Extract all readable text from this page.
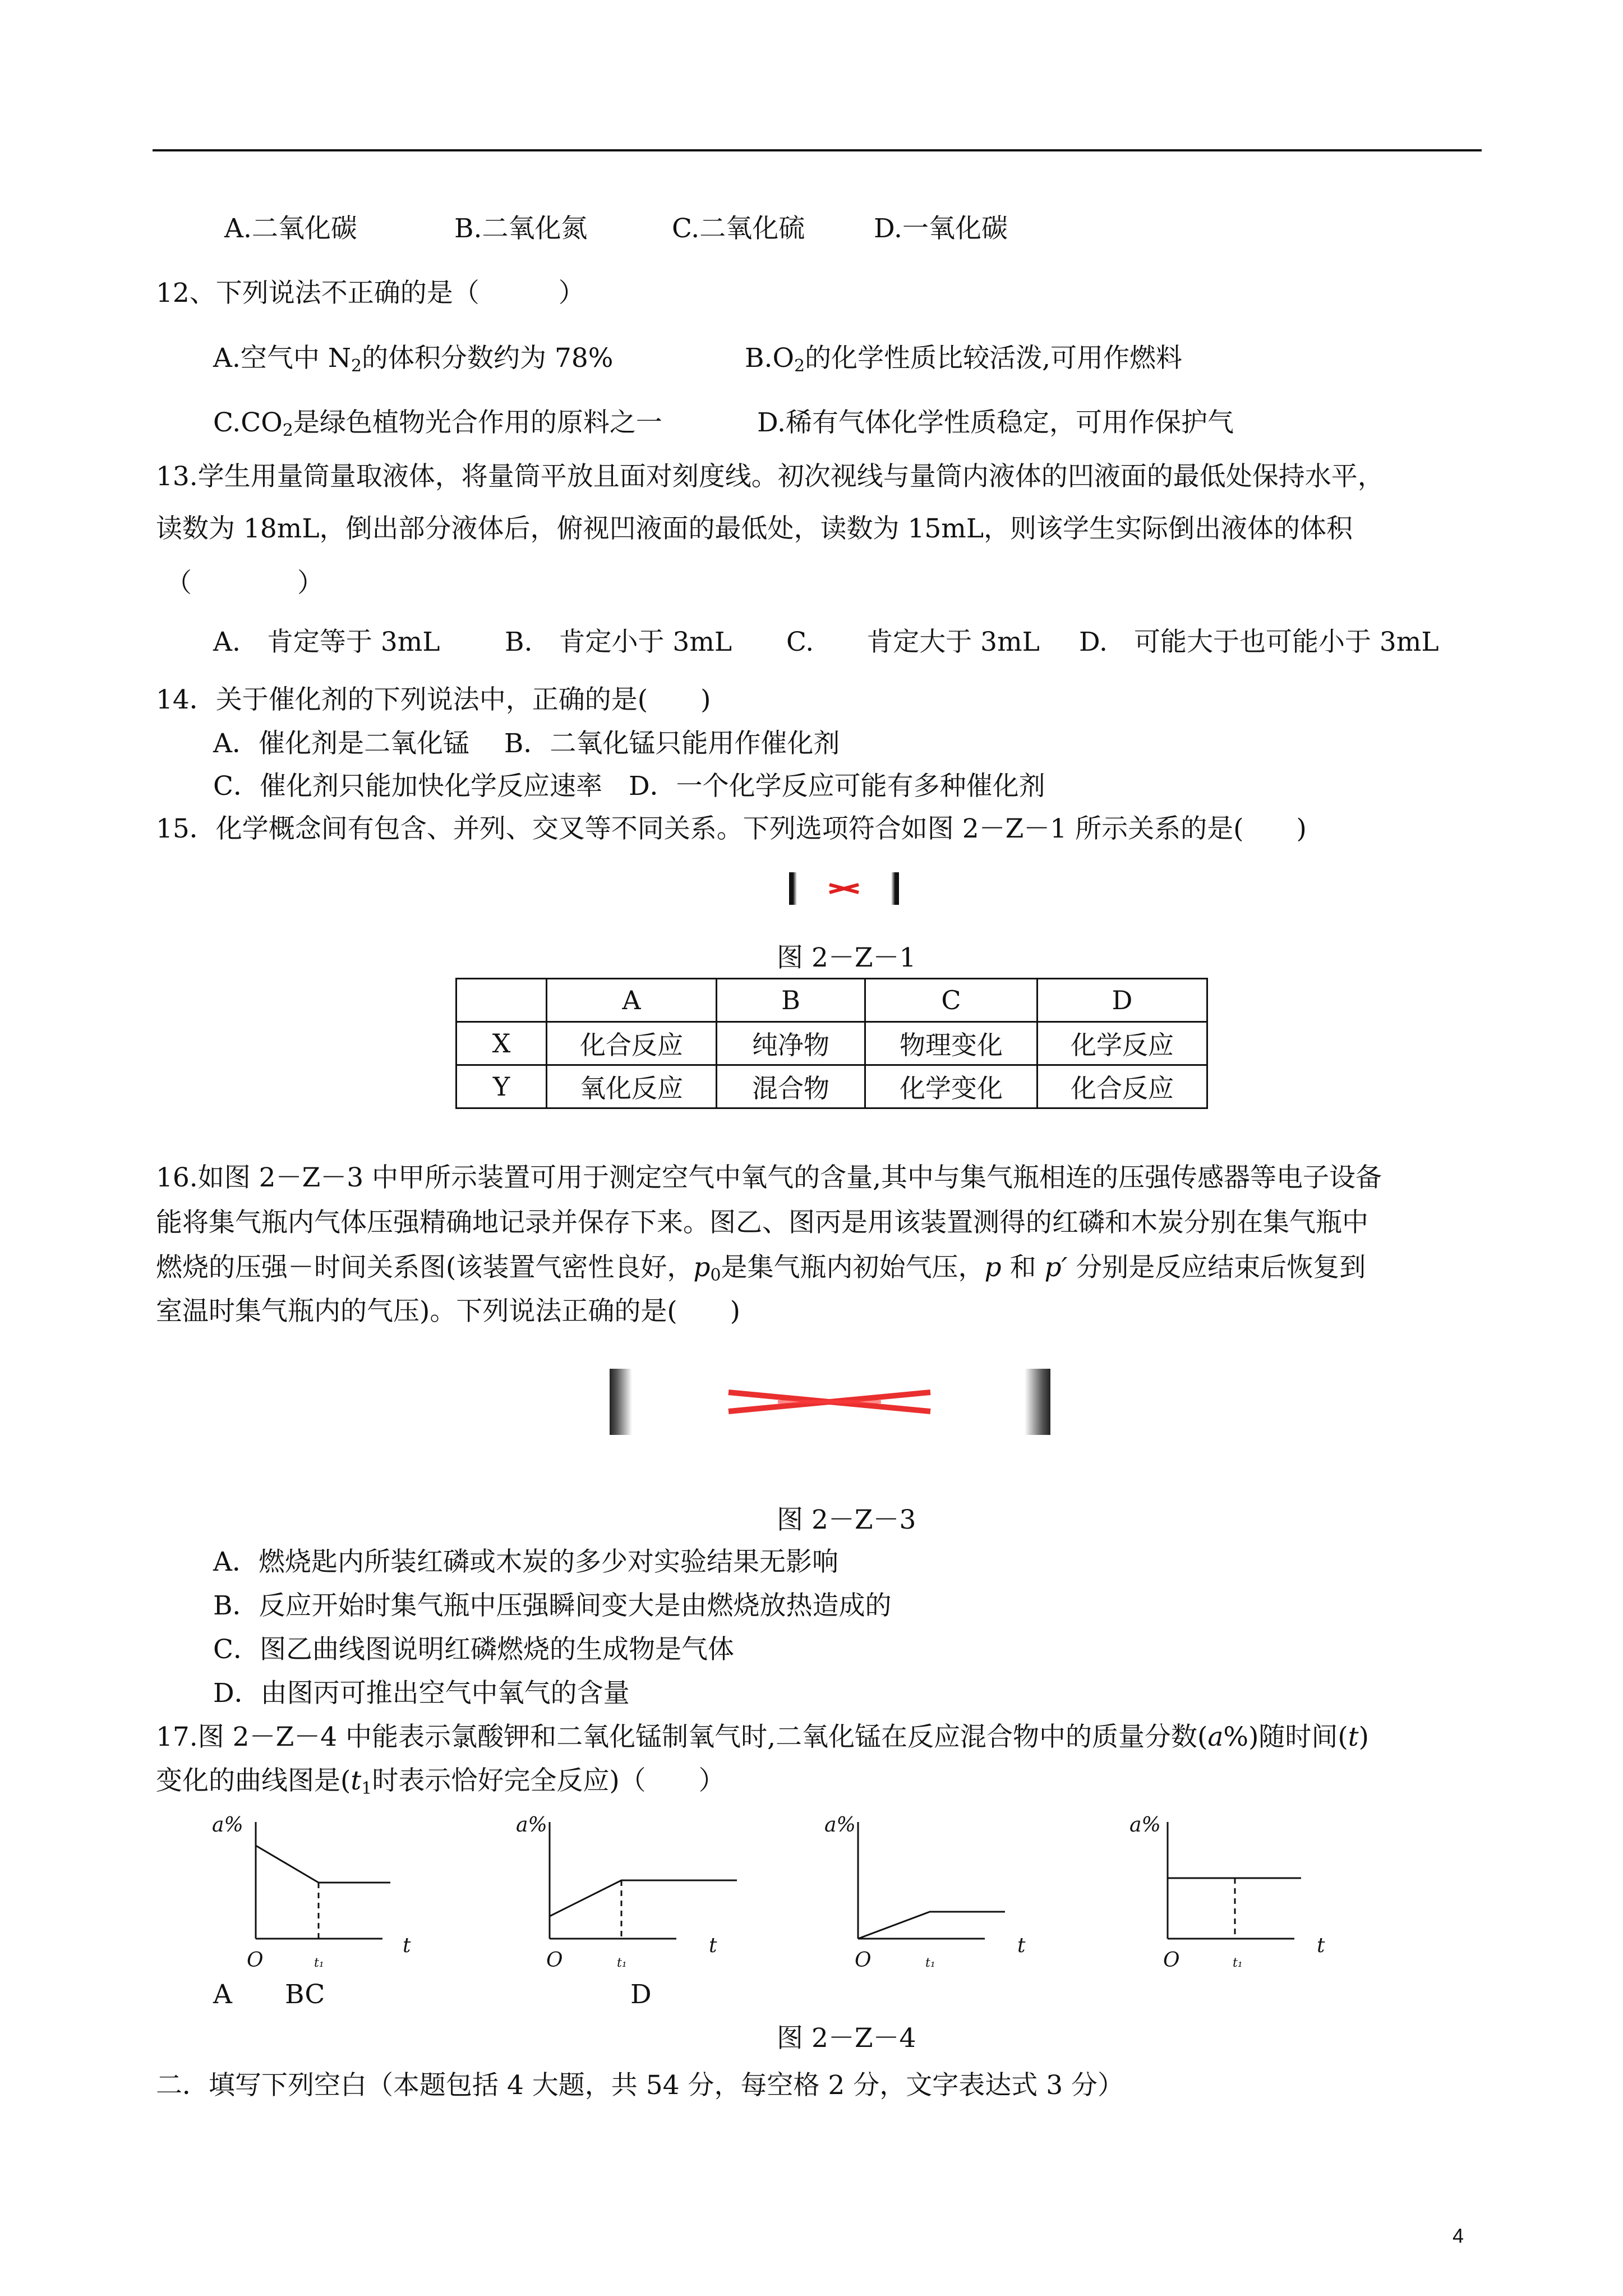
A.二氧化碳	B.二氧化氮	C.二氧化硫	D.一氧化碳
12、下列说法不正确的是（　　　）
A.空气中 $N_2$的体积分数约为 78%	$B.O_2$的化学性质比较活泼,可用作燃料
$C.CO_2$是绿色植物光合作用的原料之一	D.稀有气体化学性质稳定，可用作保护气
13.学生用量筒量取液体，将量筒平放且面对刻度线。初次视线与量筒内液体的凹液面的最低处保持水平，
读数为 18mL，倒出部分液体后，俯视凹液面的最低处，读数为 15mL，则该学生实际倒出液体的体积
（　　　　）
A.　肯定等于 3mL B.　肯定小于 3mL C.　　肯定大于 3mL D.　可能大于也可能小于 3mL
14．关于催化剂的下列说法中，正确的是(　　)
A．催化剂是二氧化锰　 B．二氧化锰只能用作催化剂
C．催化剂只能加快化学反应速率　D．一个化学反应可能有多种催化剂
15．化学概念间有包含、并列、交叉等不同关系。下列选项符合如图 2－Z－1 所示关系的是(　　)
图 2－Z－1
	A	B	C	D
X	化合反应	纯净物	物理变化	化学反应
Y	氧化反应	混合物	化学变化	化合反应
16.如图 2－Z－3 中甲所示装置可用于测定空气中氧气的含量,其中与集气瓶相连的压强传感器等电子设备
能将集气瓶内气体压强精确地记录并保存下来。图乙、图丙是用该装置测得的红磷和木炭分别在集气瓶中
燃烧的压强－时间关系图(该装置气密性良好，$p_0$是集气瓶内初始气压，p 和 p′ 分别是反应结束后恢复到
室温时集气瓶内的气压)。下列说法正确的是(　　)
图 2－Z－3
A．燃烧匙内所装红磷或木炭的多少对实验结果无影响
B．反应开始时集气瓶中压强瞬间变大是由燃烧放热造成的
C．图乙曲线图说明红磷燃烧的生成物是气体
D．由图丙可推出空气中氧气的含量
17.图 2－Z－4 中能表示氯酸钾和二氧化锰制氧气时,二氧化锰在反应混合物中的质量分数(a%)随时间(t)
变化的曲线图是($t_1$时表示恰好完全反应)（　　）
a%
O	t₁
t
a%
O	t₁
t
a%
O	t₁
t
a%
O	t₁
t
A　　BC	D
图 2－Z－4
二．填写下列空白（本题包括 4 大题，共 54 分，每空格 2 分，文字表达式 3 分）
4
